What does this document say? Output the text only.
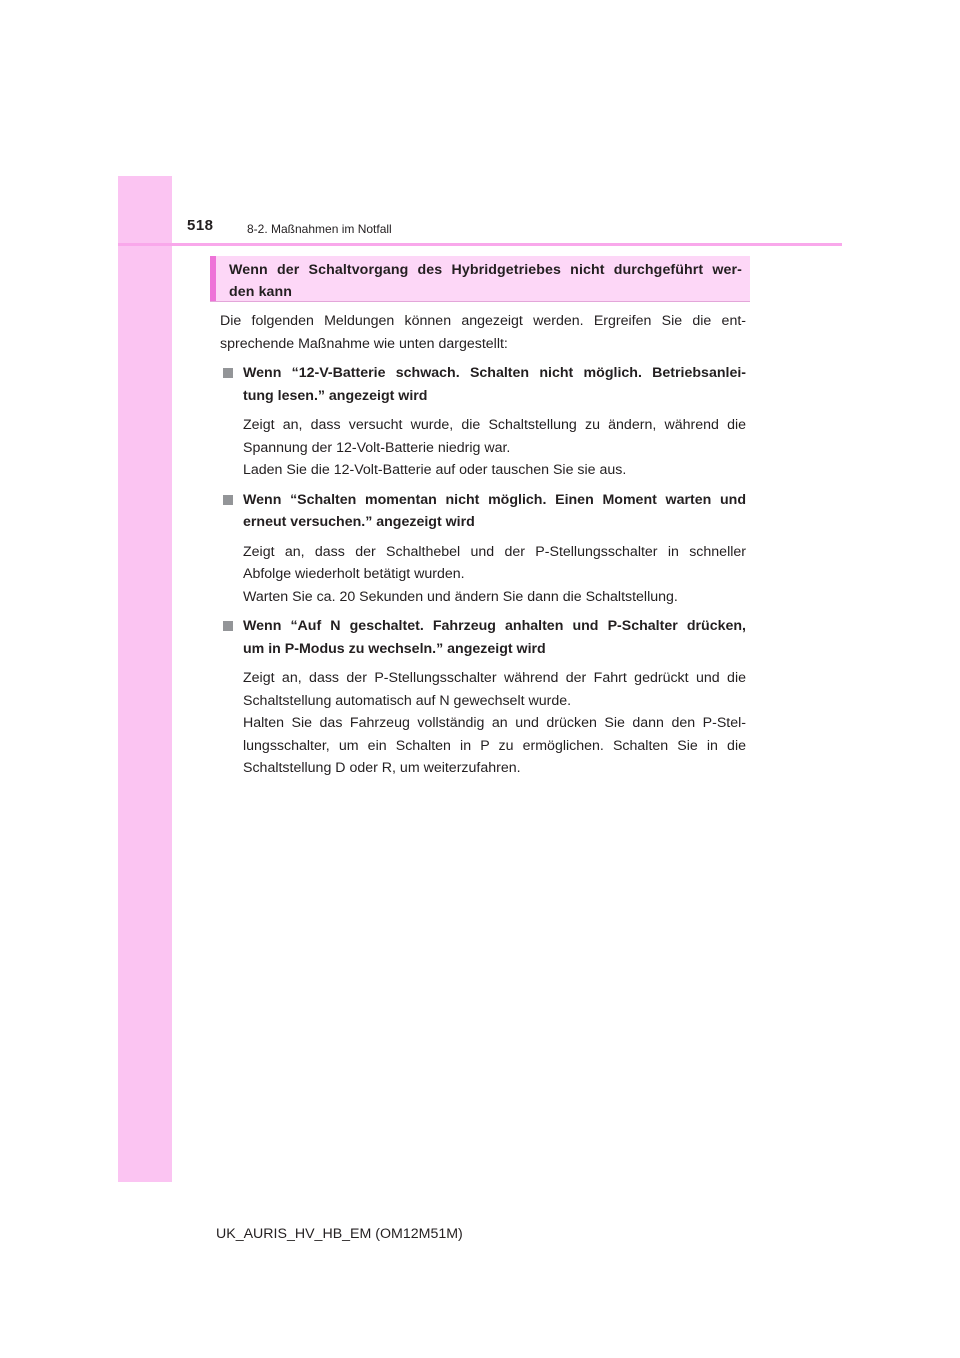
518	8-2. Maßnahmen im Notfall
Wenn der Schaltvorgang des Hybridgetriebes nicht durchgeführt wer-
den kann

Die folgenden Meldungen können angezeigt werden. Ergreifen Sie die ent-
sprechende Maßnahme wie unten dargestellt:

Wenn “12-V-Batterie schwach. Schalten nicht möglich. Betriebsanlei-
tung lesen.” angezeigt wird

Zeigt an, dass versucht wurde, die Schaltstellung zu ändern, während die
Spannung der 12-Volt-Batterie niedrig war.
Laden Sie die 12-Volt-Batterie auf oder tauschen Sie sie aus.

Wenn “Schalten momentan nicht möglich. Einen Moment warten und
erneut versuchen.” angezeigt wird

Zeigt an, dass der Schalthebel und der P-Stellungsschalter in schneller
Abfolge wiederholt betätigt wurden.
Warten Sie ca. 20 Sekunden und ändern Sie dann die Schaltstellung.

Wenn “Auf N geschaltet. Fahrzeug anhalten und P-Schalter drücken,
um in P-Modus zu wechseln.” angezeigt wird

Zeigt an, dass der P-Stellungsschalter während der Fahrt gedrückt und die
Schaltstellung automatisch auf N gewechselt wurde.
Halten Sie das Fahrzeug vollständig an und drücken Sie dann den P-Stel-
lungsschalter, um ein Schalten in P zu ermöglichen. Schalten Sie in die
Schaltstellung D oder R, um weiterzufahren.

UK_AURIS_HV_HB_EM (OM12M51M)
